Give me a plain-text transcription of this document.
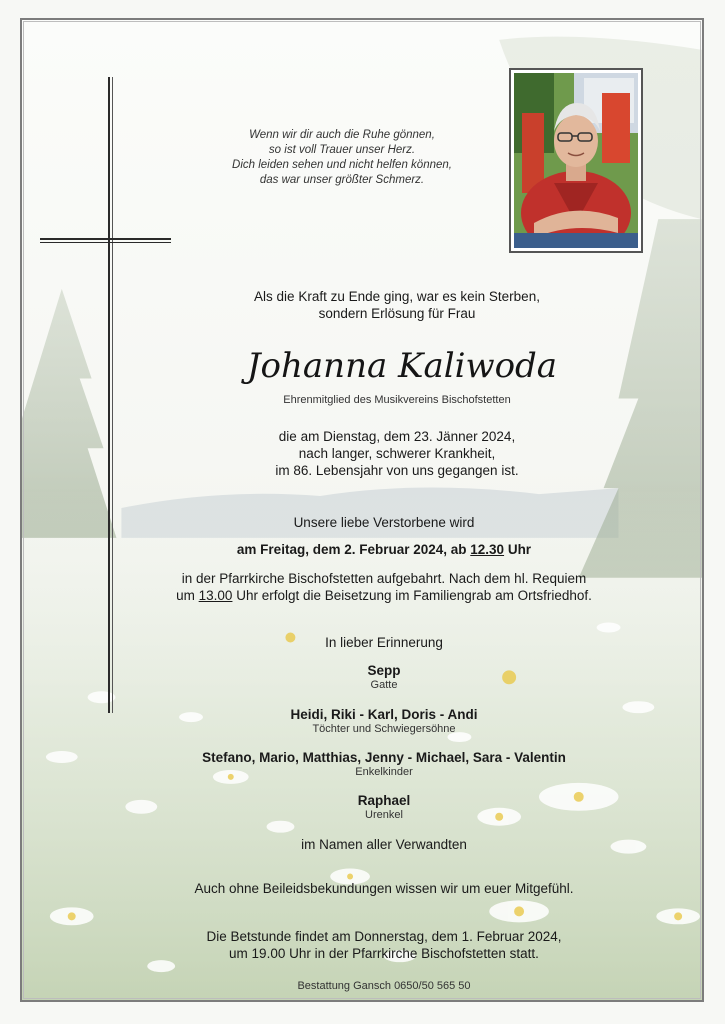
Wenn wir dir auch die Ruhe gönnen,
so ist voll Trauer unser Herz.
Dich leiden sehen und nicht helfen können,
das war unser größter Schmerz.
Als die Kraft zu Ende ging, war es kein Sterben,
sondern Erlösung für Frau
Johanna Kaliwoda
Ehrenmitglied des Musikvereins Bischofstetten
die am Dienstag, dem 23. Jänner 2024,
nach langer, schwerer Krankheit,
im 86. Lebensjahr von uns gegangen ist.
Unsere liebe Verstorbene wird
am Freitag, dem 2. Februar 2024, ab 12.30 Uhr
in der Pfarrkirche Bischofstetten aufgebahrt. Nach dem hl. Requiem
um 13.00 Uhr erfolgt die Beisetzung im Familiengrab am Ortsfriedhof.
In lieber Erinnerung
Sepp
Gatte
Heidi, Riki - Karl, Doris - Andi
Töchter und Schwiegersöhne
Stefano, Mario, Matthias, Jenny - Michael, Sara - Valentin
Enkelkinder
Raphael
Urenkel
im Namen aller Verwandten
Auch ohne Beileidsbekundungen wissen wir um euer Mitgefühl.
Die Betstunde findet am Donnerstag, dem 1. Februar 2024,
um 19.00 Uhr in der Pfarrkirche Bischofstetten statt.
Bestattung Gansch 0650/50 565 50
